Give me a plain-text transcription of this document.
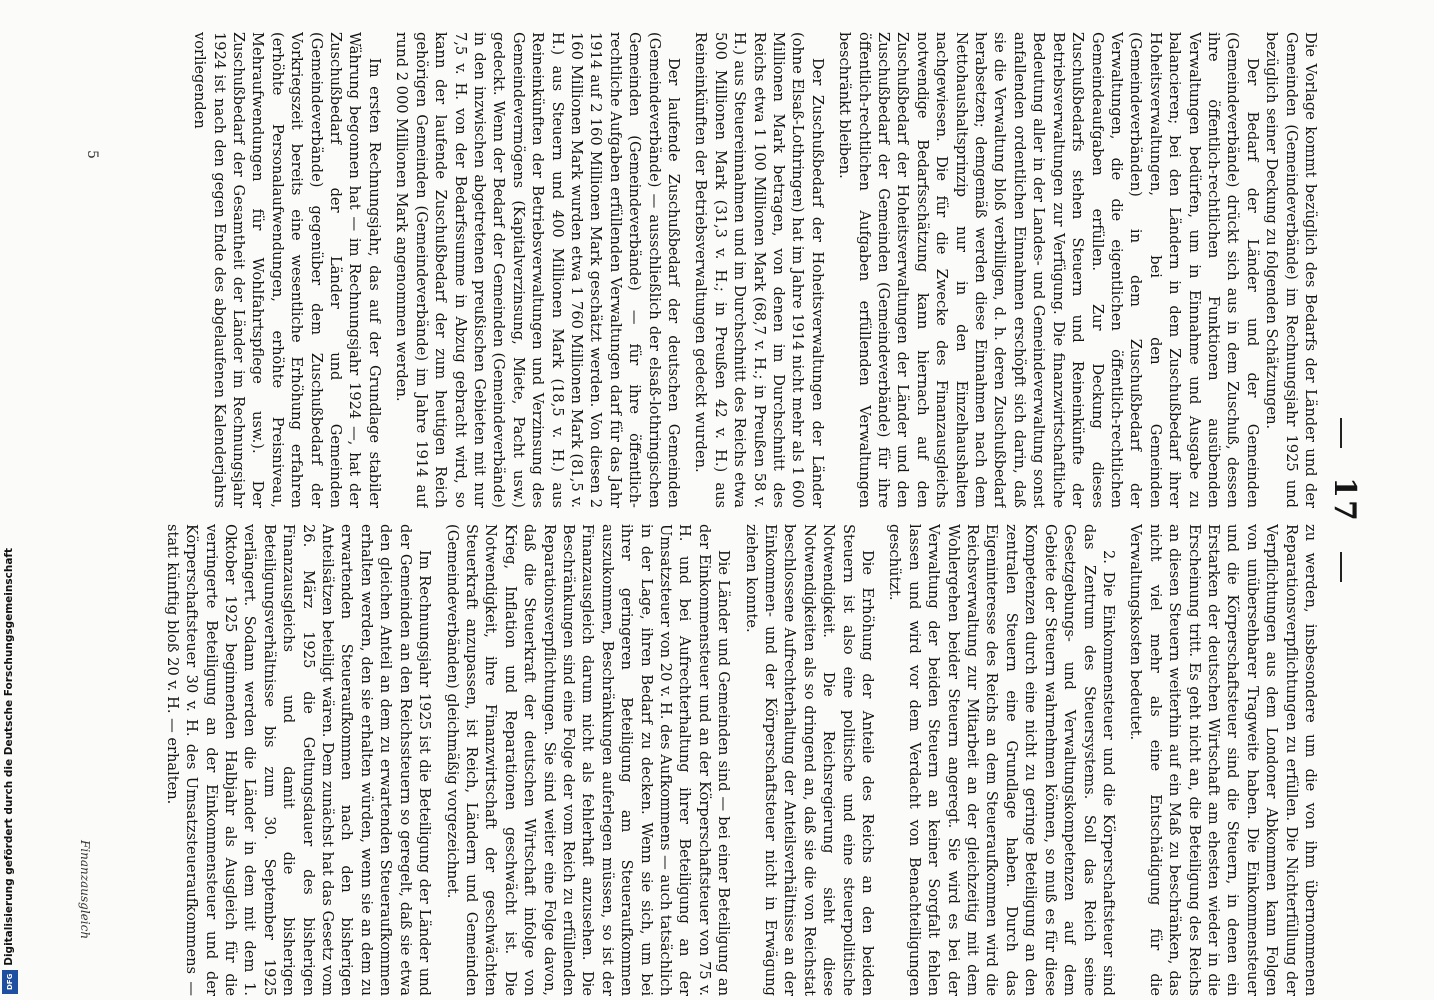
17

Die Vorlage kommt bezüglich des Bedarfs der Länder und der Gemeinden (Gemeindeverbände) im Rechnungsjahr 1925 und bezüglich seiner Deckung zu folgenden Schätzungen.

Der Bedarf der Länder und der Gemeinden (Gemeindeverbände) drückt sich aus in dem Zuschuß, dessen ihre öffentlich-rechtlichen Funktionen ausübenden Verwaltungen bedürfen, um in Einnahme und Ausgabe zu balancieren; bei den Ländern in dem Zuschußbedarf ihrer Hoheitsverwaltungen, bei den Gemeinden (Gemeindeverbänden) in dem Zuschußbedarf der Verwaltungen, die die eigentlichen öffentlich-rechtlichen Gemeindeaufgaben erfüllen. Zur Deckung dieses Zuschußbedarfs stehen Steuern und Reineinkünfte der Betriebsverwaltungen zur Verfügung. Die finanzwirtschaftliche Bedeutung aller in der Landes- und Gemeindeverwaltung sonst anfallenden ordentlichen Einnahmen erschöpft sich darin, daß sie die Verwaltung bloß verbilligen, d. h. deren Zuschußbedarf herabsetzen; demgemäß werden diese Einnahmen nach dem Nettohaushaltsprinzip nur in den Einzelhaushalten nachgewiesen. Die für die Zwecke des Finanzausgleichs notwendige Bedarfsschätzung kann hiernach auf den Zuschußbedarf der Hoheitsverwaltungen der Länder und den Zuschußbedarf der Gemeinden (Gemeindeverbände) für ihre öffentlich-rechtlichen Aufgaben erfüllenden Verwaltungen beschränkt bleiben.

Der Zuschußbedarf der Hoheitsverwaltungen der Länder (ohne Elsaß-Lothringen) hat im Jahre 1914 nicht mehr als 1 600 Millionen Mark betragen, von denen im Durchschnitt des Reichs etwa 1 100 Millionen Mark (68,7 v. H.; in Preußen 58 v. H.) aus Steuereinnahmen und im Durchschnitt des Reichs etwa 500 Millionen Mark (31,3 v. H.; in Preußen 42 v. H.) aus Reineinkünften der Betriebsverwaltungen gedeckt wurden.

Der laufende Zuschußbedarf der deutschen Gemeinden (Gemeindeverbände) — ausschließlich der elsaß-lothringischen Gemeinden (Gemeindeverbände) — für ihre öffentlich-rechtliche Aufgaben erfüllenden Verwaltungen darf für das Jahr 1914 auf 2 160 Millionen Mark geschätzt werden. Von diesen 2 160 Millionen Mark wurden etwa 1 760 Millionen Mark (81,5 v. H.) aus Steuern und 400 Millionen Mark (18,5 v. H.) aus Reineinkünften der Betriebsverwaltungen und Verzinsung des Gemeindevermögens (Kapitalverzinsung, Miete, Pacht usw.) gedeckt. Wenn der Bedarf der Gemeinden (Gemeindeverbände) in den inzwischen abgetretenen preußischen Gebieten mit nur 7,5 v. H. von der Bedarfssumme in Abzug gebracht wird, so kann der laufende Zuschußbedarf der zum heutigen Reich gehörigen Gemeinden (Gemeindeverbände) im Jahre 1914 auf rund 2 000 Millionen Mark angenommen werden.

Im ersten Rechnungsjahr, das auf der Grundlage stabiler Währung begonnen hat — im Rechnungsjahr 1924 —, hat der Zuschußbedarf der Länder und Gemeinden (Gemeindeverbände) gegenüber dem Zuschußbedarf der Vorkriegszeit bereits eine wesentliche Erhöhung erfahren (erhöhte Personalaufwendungen, erhöhte Preisniveau, Mehraufwendungen für Wohlfahrtspflege usw.). Der Zuschußbedarf der Gesamtheit der Länder im Rechnungsjahr 1924 ist nach den gegen Ende des abgelaufenen Kalenderjahrs vorliegenden

zu werden, insbesondere um die von ihm übernommenen Reparationsverpflichtungen zu erfüllen. Die Nichterfüllung der Verpflichtungen aus dem Londoner Abkommen kann Folgen von unübersehbarer Tragweite haben. Die Einkommensteuer und die Körperschaftsteuer sind die Steuern, in denen ein Erstarken der deutschen Wirtschaft am ehesten wieder in die Erscheinung tritt. Es geht nicht an, die Beteiligung des Reichs an diesen Steuern weiterhin auf ein Maß zu beschränken, das nicht viel mehr als eine Entschädigung für die Verwaltungskosten bedeutet.

2. Die Einkommensteuer und die Körperschaftsteuer sind das Zentrum des Steuersystems. Soll das Reich seine Gesetzgebungs- und Verwaltungskompetenzen auf dem Gebiete der Steuern wahrnehmen können, so muß es für diese Kompetenzen durch eine nicht zu geringe Beteiligung an den zentralen Steuern eine Grundlage haben. Durch das Eigeninteresse des Reichs an dem Steueraufkommen wird die Reichsverwaltung zur Mitarbeit an der gleichzeitig mit dem Wohlergehen beider Steuern angeregt. Sie wird es bei der Verwaltung der beiden Steuern an keiner Sorgfalt fehlen lassen und wird vor dem Verdacht von Benachteiligungen geschützt.

Die Erhöhung der Anteile des Reichs an den beiden Steuern ist also eine politische und eine steuerpolitische Notwendigkeit. Die Reichsregierung sieht diese Notwendigkeiten als so dringend an, daß sie die von Reichstat beschlossene Aufrechterhaltung der Anteilsverhältnisse an der Einkommen- und der Körperschaftsteuer nicht in Erwägung ziehen konnte.

Die Länder und Gemeinden sind — bei einer Beteiligung an der Einkommensteuer und an der Körperschaftsteuer von 75 v. H. und bei Aufrechterhaltung ihrer Beteiligung an der Umsatzsteuer von 20 v. H. des Aufkommens — auch tatsächlich in der Lage, ihren Bedarf zu decken. Wenn sie sich, um bei ihrer geringeren Beteiligung am Steueraufkommen auszukommen, Beschränkungen auferlegen müssen, so ist der Finanzausgleich darum nicht als fehlerhaft anzusehen. Die Beschränkungen sind eine Folge der vom Reich zu erfüllenden Reparationsverpflichtungen. Sie sind weiter eine Folge davon, daß die Steuerkraft der deutschen Wirtschaft infolge von Krieg, Inflation und Reparationen geschwächt ist. Die Notwendigkeit, ihre Finanzwirtschaft der geschwächten Steuerkraft anzupassen, ist Reich, Ländern und Gemeinden (Gemeindeverbänden) gleichmäßig vorgezeichnet.

Im Rechnungsjahr 1925 ist die Beteiligung der Länder und der Gemeinden an den Reichssteuern so geregelt, daß sie etwa den gleichen Anteil an dem zu erwartenden Steueraufkommen erhalten werden, den sie erhalten würden, wenn sie an dem zu erwartenden Steueraufkommen nach den bisherigen Anteilsätzen beteiligt wären. Dem zunächst hat das Gesetz vom 26. März 1925 die Geltungsdauer des bisherigen Finanzausgleichs und damit die bisherigen Beteiligungsverhältnisse bis zum 30. September 1925 verlängert. Sodann werden die Länder in dem mit dem 1. Oktober 1925 beginnenden Halbjahr als Ausgleich für die verringerte Beteiligung an der Einkommensteuer und der Körperschaftsteuer 30 v. H. des Umsatzsteueraufkommens — statt künftig bloß 20 v. H. — erhalten.

5
Finanzausgleich
Digitalisierung gefördert durch die Deutsche Forschungsgemeinschaft
DFG
